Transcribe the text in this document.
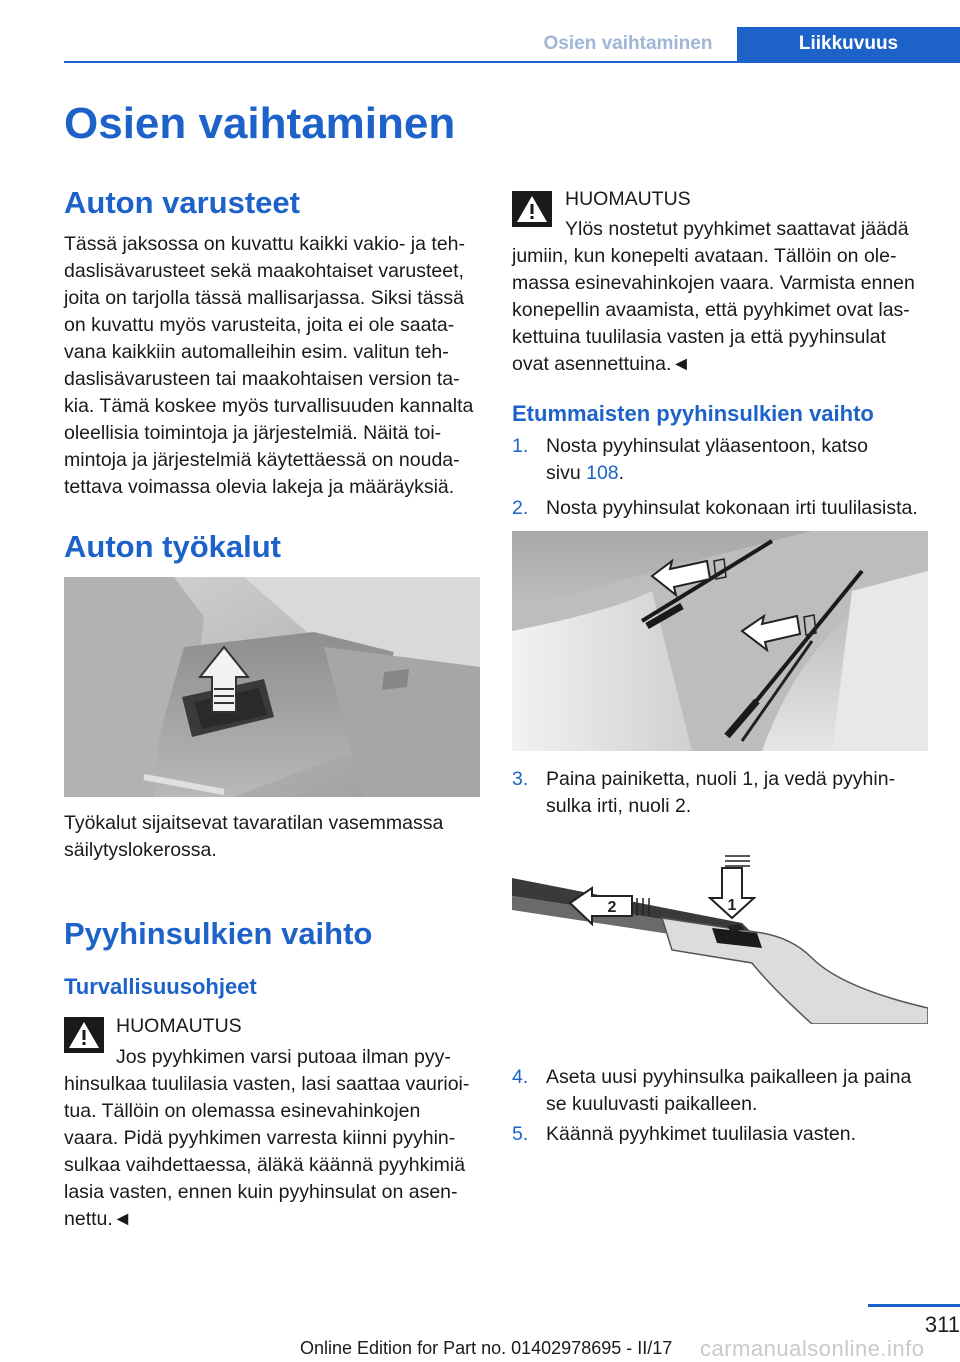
Osien vaihtaminen	Liikkuvuus
Osien vaihtaminen
Auton varusteet
Tässä jaksossa on kuvattu kaikki vakio- ja teh-
daslisävarusteet sekä maakohtaiset varusteet,
joita on tarjolla tässä mallisarjassa. Siksi tässä
on kuvattu myös varusteita, joita ei ole saata-
vana kaikkiin automalleihin esim. valitun teh-
daslisävarusteen tai maakohtaisen version ta-
kia. Tämä koskee myös turvallisuuden kannalta
oleellisia toimintoja ja järjestelmiä. Näitä toi-
mintoja ja järjestelmiä käytettäessä on nouda-
tettava voimassa olevia lakeja ja määräyksiä.
Auton työkalut
Työkalut sijaitsevat tavaratilan vasemmassa
säilytyslokerossa.
Pyyhinsulkien vaihto
Turvallisuusohjeet
HUOMAUTUS
Jos pyyhkimen varsi putoaa ilman pyy-
hinsulkaa tuulilasia vasten, lasi saattaa vaurioi-
tua. Tällöin on olemassa esinevahinkojen
vaara. Pidä pyyhkimen varresta kiinni pyyhin-
sulkaa vaihdettaessa, äläkä käännä pyyhkimiä
lasia vasten, ennen kuin pyyhinsulat on asen-
nettu.◄
HUOMAUTUS
Ylös nostetut pyyhkimet saattavat jäädä
jumiin, kun konepelti avataan. Tällöin on ole-
massa esinevahinkojen vaara. Varmista ennen
konepellin avaamista, että pyyhkimet ovat las-
kettuina tuulilasia vasten ja että pyyhinsulat
ovat asennettuina.◄
Etummaisten pyyhinsulkien vaihto
1. Nosta pyyhinsulat yläasentoon, katso
sivu 108.
2. Nosta pyyhinsulat kokonaan irti tuulilasista.
3. Paina painiketta, nuoli 1, ja vedä pyyhin-
sulka irti, nuoli 2.
1
2
4. Aseta uusi pyyhinsulka paikalleen ja paina
se kuuluvasti paikalleen.
5. Käännä pyyhkimet tuulilasia vasten.
311
Online Edition for Part no. 01402978695 - II/17 carmanualsonline.info
